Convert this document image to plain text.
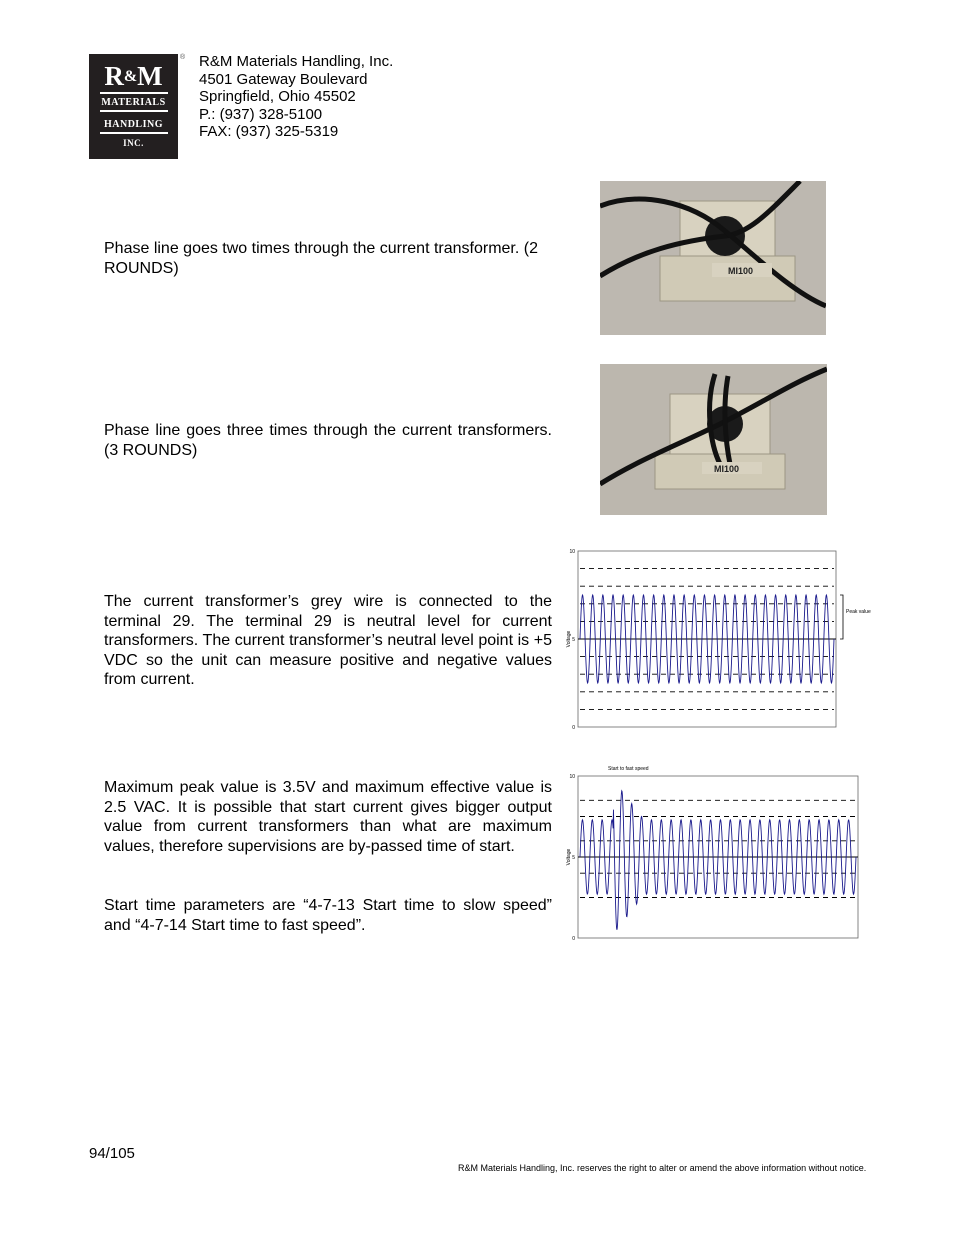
R&M
MATERIALS
HANDLING
INC.
® R&M Materials Handling, Inc.
4501 Gateway Boulevard
Springfield, Ohio 45502
P.: (937) 328-5100
FAX: (937) 325-5319
Phase line goes two times through the current transformer. (2 ROUNDS)	MI100
Phase line goes three times through the current transformers. (3 ROUNDS)
MI100
The current transformer’s grey wire is connected to the terminal 29. The terminal 29 is neutral level for current transformers. The current transformer’s neutral level point is +5 VDC so the unit can measure positive and negative values from current.
10
5
0
Voltage
Peak value
Maximum peak value is 3.5V and maximum effective value is 2.5 VAC. It is possible that start current gives bigger output value from current transformers than what are maximum values, therefore supervisions are by-passed time of start.
Start time parameters are “4-7-13 Start time to slow speed” and “4-7-14 Start time to fast speed”.
10
5
0
Voltage
Start to fast speed
94/105
R&M Materials Handling, Inc. reserves the right to alter or amend the above information without notice.
